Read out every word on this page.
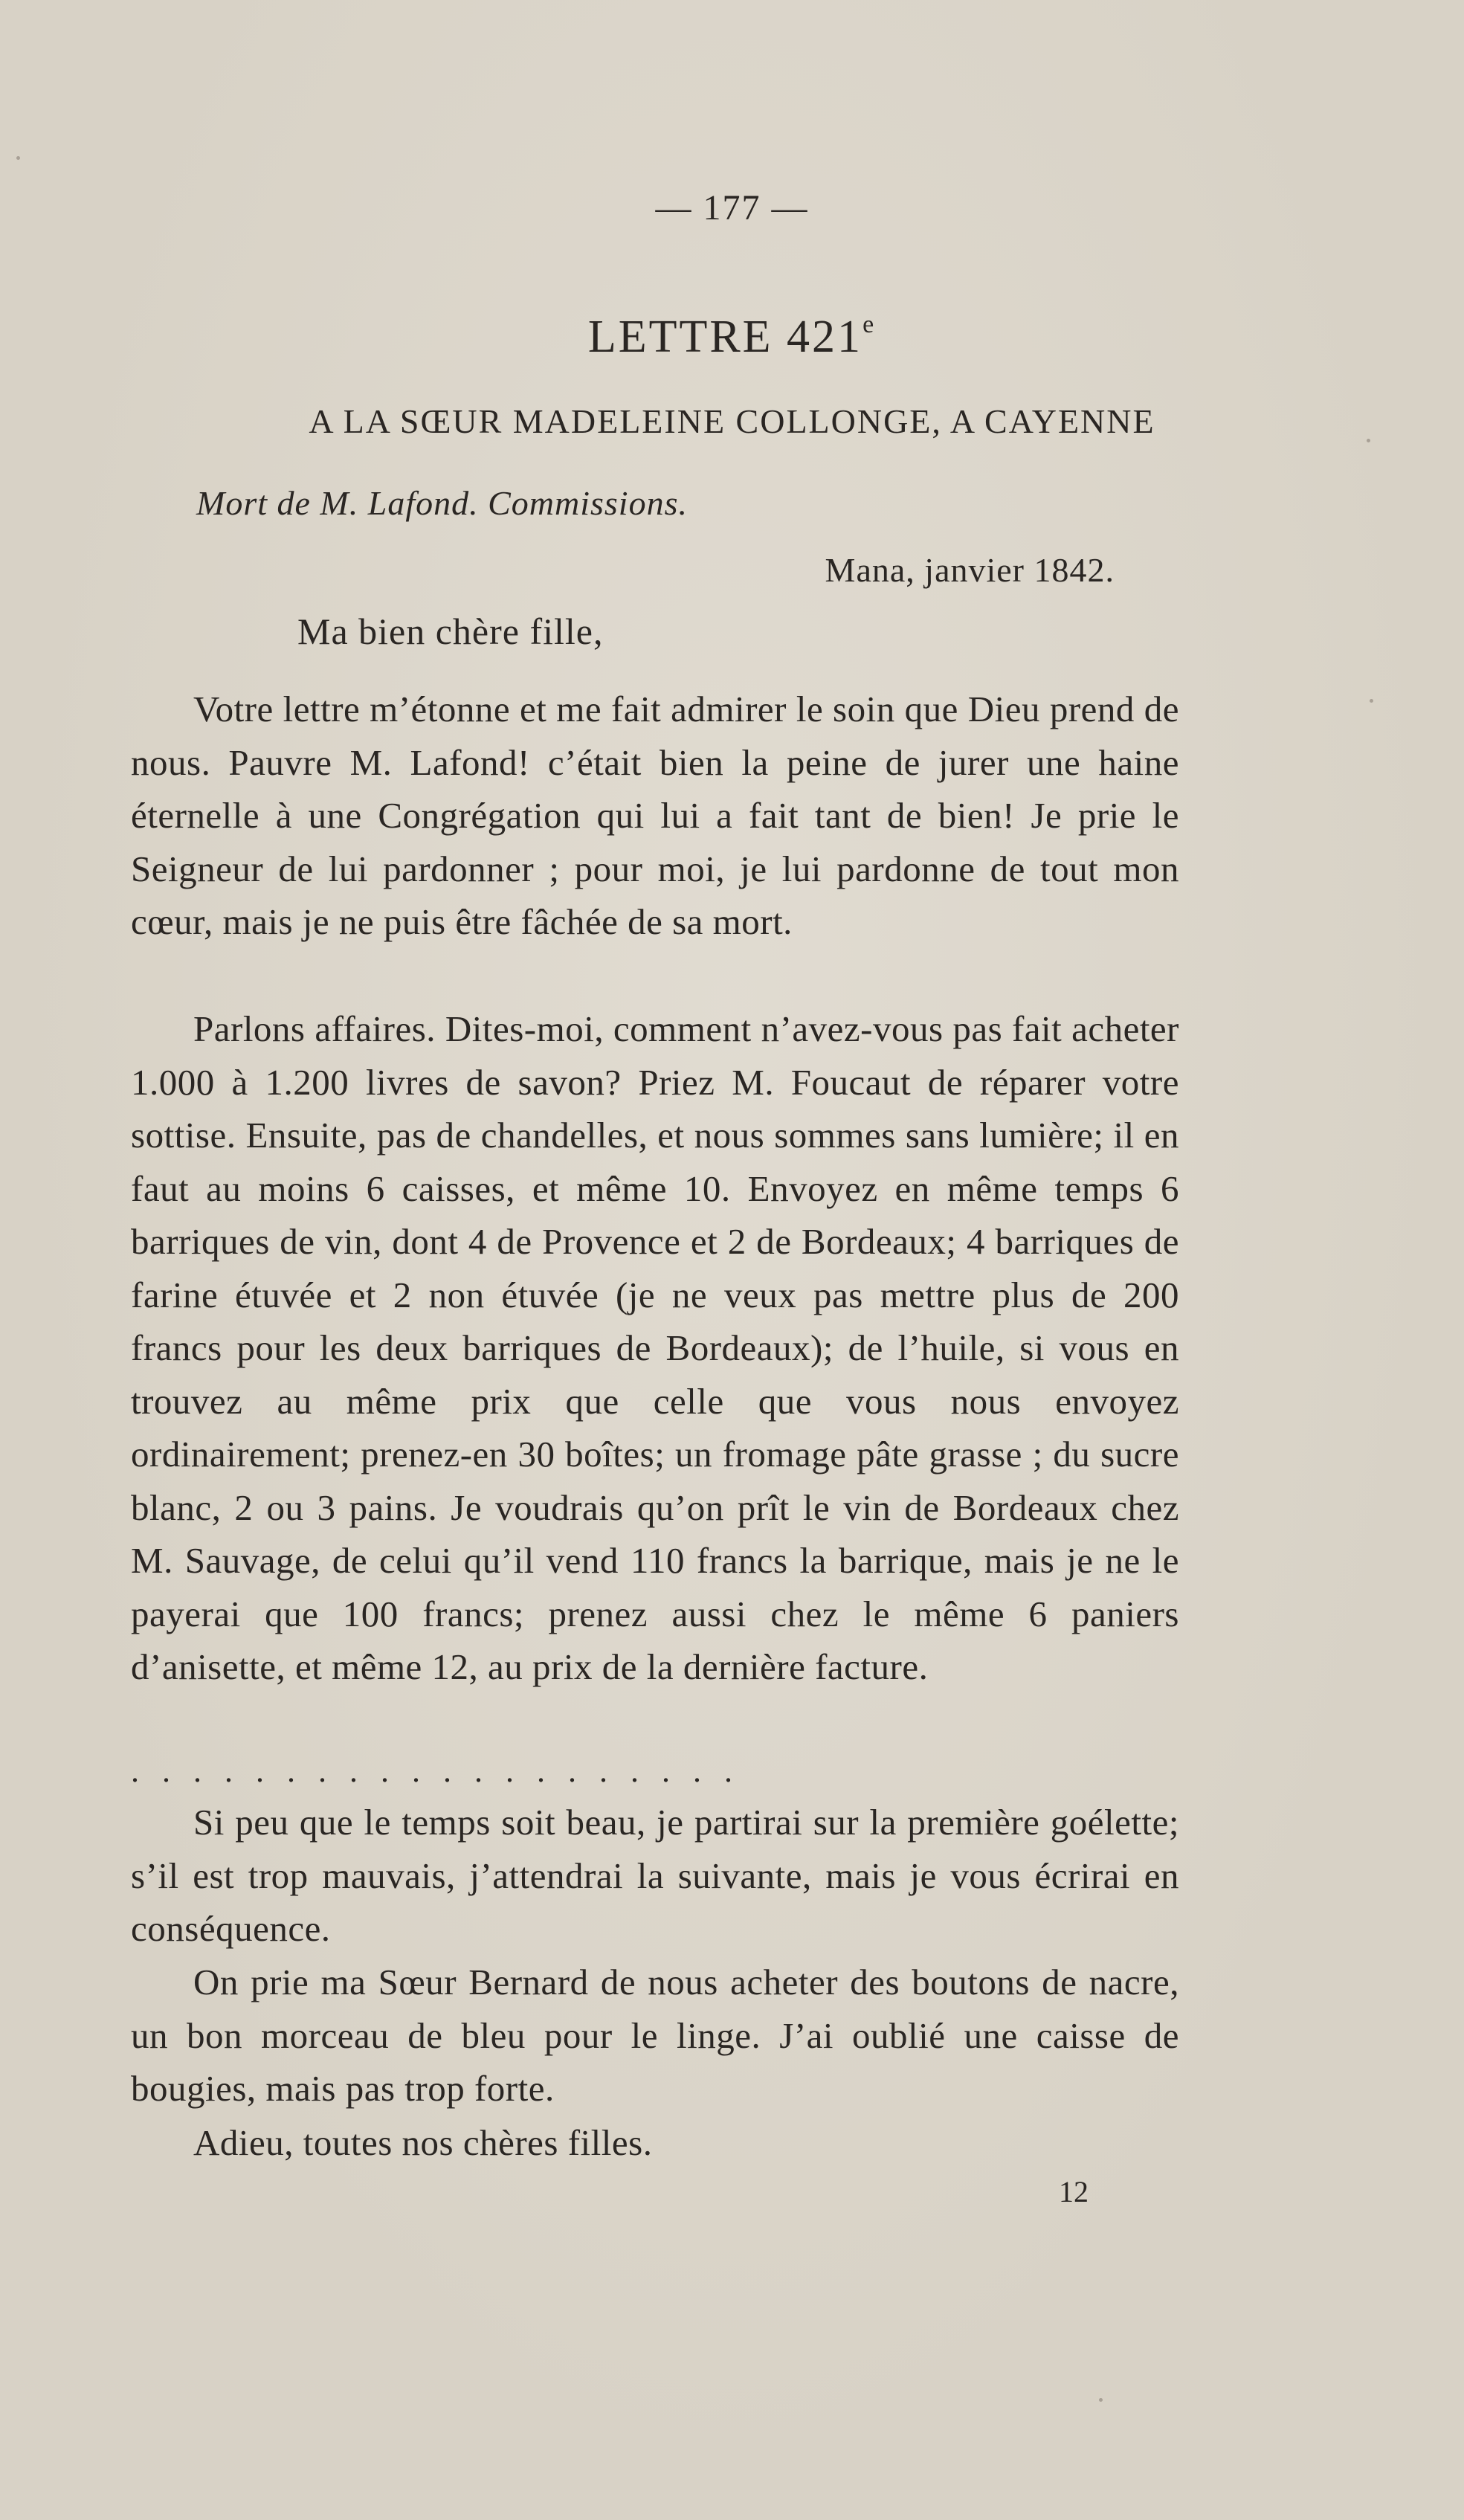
— 177 —
LETTRE 421e
A LA SŒUR MADELEINE COLLONGE, A CAYENNE
Mort de M. Lafond. Commissions.
Mana, janvier 1842.
Ma bien chère fille,

Votre lettre m’étonne et me fait admirer le soin que Dieu prend de nous. Pauvre M. Lafond! c’était bien la peine de jurer une haine éternelle à une Congrégation qui lui a fait tant de bien! Je prie le Seigneur de lui pardonner ; pour moi, je lui pardonne de tout mon cœur, mais je ne puis être fâchée de sa mort.

Parlons affaires. Dites-moi, comment n’avez-vous pas fait acheter 1.000 à 1.200 livres de savon? Priez M. Foucaut de réparer votre sottise. Ensuite, pas de chandelles, et nous sommes sans lumière; il en faut au moins 6 caisses, et même 10. Envoyez en même temps 6 barriques de vin, dont 4 de Provence et 2 de Bordeaux; 4 barriques de farine étuvée et 2 non étuvée (je ne veux pas mettre plus de 200 francs pour les deux barriques de Bordeaux); de l’huile, si vous en trouvez au même prix que celle que vous nous envoyez ordinairement; prenez-en 30 boîtes; un fromage pâte grasse ; du sucre blanc, 2 ou 3 pains. Je voudrais qu’on prît le vin de Bordeaux chez M. Sauvage, de celui qu’il vend 110 francs la barrique, mais je ne le payerai que 100 francs; prenez aussi chez le même 6 paniers d’anisette, et même 12, au prix de la dernière facture.

....................

Si peu que le temps soit beau, je partirai sur la première goélette; s’il est trop mauvais, j’attendrai la suivante, mais je vous écrirai en conséquence.

On prie ma Sœur Bernard de nous acheter des boutons de nacre, un bon morceau de bleu pour le linge. J’ai oublié une caisse de bougies, mais pas trop forte.

Adieu, toutes nos chères filles.

12
